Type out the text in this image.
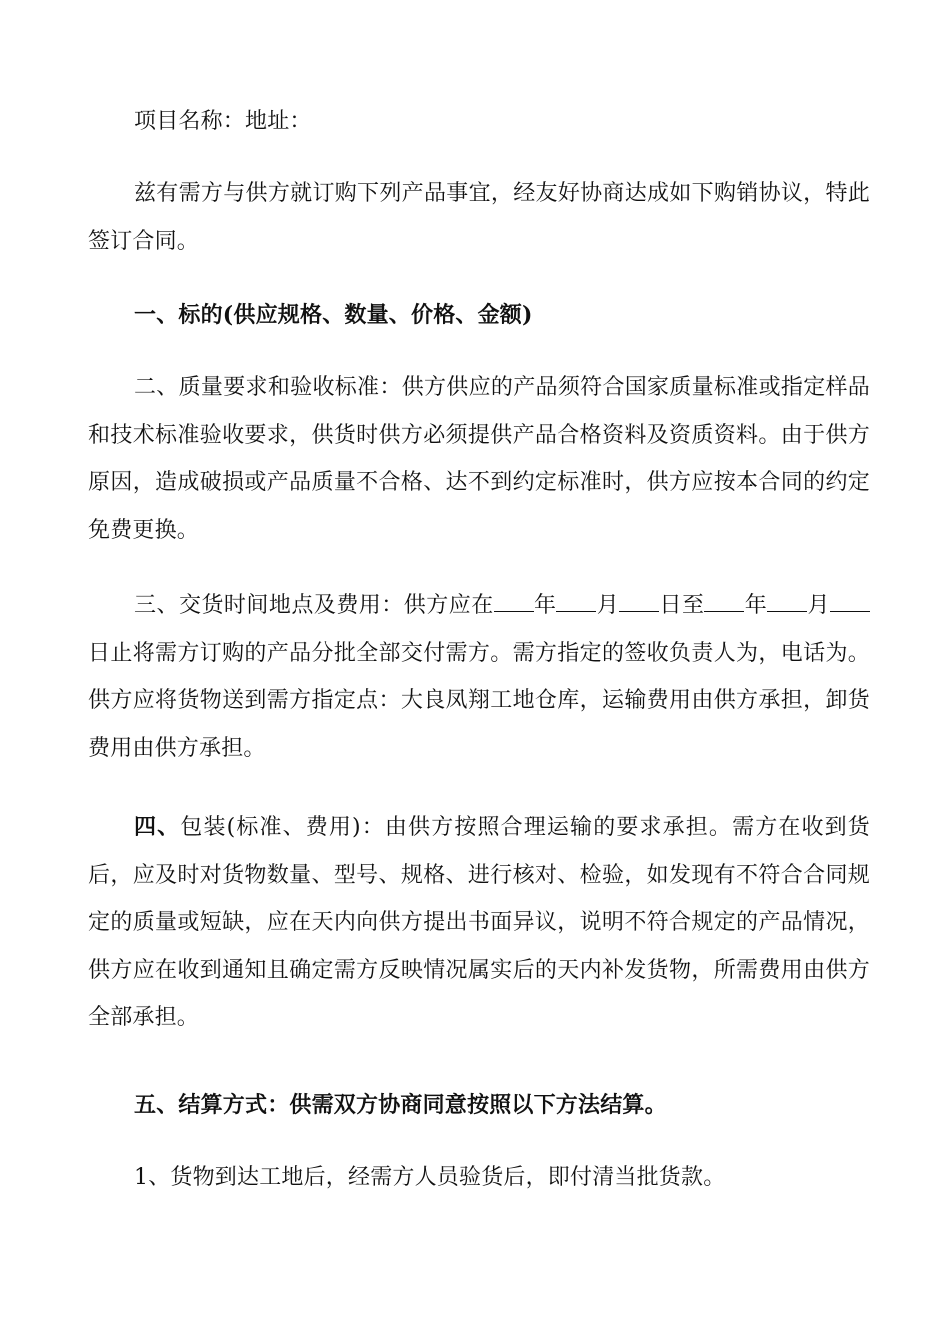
项目名称：地址：

兹有需方与供方就订购下列产品事宜，经友好协商达成如下购销协议，特此签订合同。

一、标的(供应规格、数量、价格、金额)

二、质量要求和验收标准：供方供应的产品须符合国家质量标准或指定样品和技术标准验收要求，供货时供方必须提供产品合格资料及资质资料。由于供方原因，造成破损或产品质量不合格、达不到约定标准时，供方应按本合同的约定免费更换。

三、交货时间地点及费用：供方应在 年 月 日至 年 月日止将需方订购的产品分批全部交付需方。需方指定的签收负责人为，电话为。供方应将货物送到需方指定点：大良凤翔工地仓库，运输费用由供方承担，卸货费用由供方承担。

四、包装(标准、费用)：由供方按照合理运输的要求承担。需方在收到货后，应及时对货物数量、型号、规格、进行核对、检验，如发现有不符合合同规定的质量或短缺，应在天内向供方提出书面异议，说明不符合规定的产品情况，供方应在收到通知且确定需方反映情况属实后的天内补发货物，所需费用由供方全部承担。

五、结算方式：供需双方协商同意按照以下方法结算。

1、货物到达工地后，经需方人员验货后，即付清当批货款。
